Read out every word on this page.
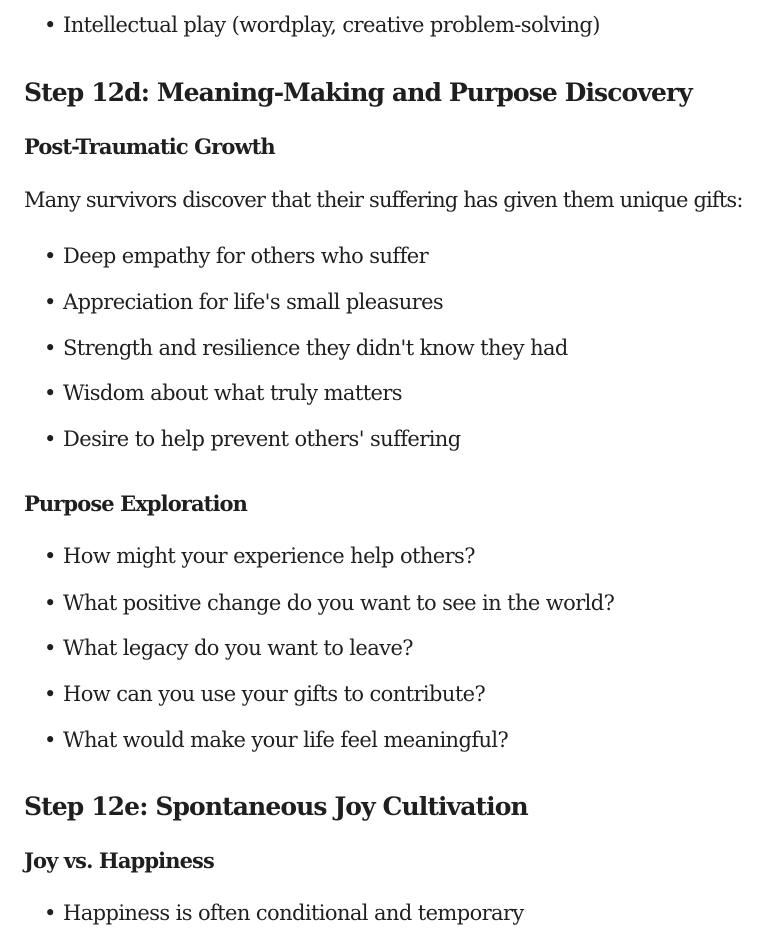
• Intellectual play (wordplay, creative problem-solving)
Step 12d: Meaning-Making and Purpose Discovery
Post-Traumatic Growth
Many survivors discover that their suffering has given them unique gifts:
• Deep empathy for others who suffer
• Appreciation for life's small pleasures
• Strength and resilience they didn't know they had
• Wisdom about what truly matters
• Desire to help prevent others' suffering
Purpose Exploration
• How might your experience help others?
• What positive change do you want to see in the world?
• What legacy do you want to leave?
• How can you use your gifts to contribute?
• What would make your life feel meaningful?
Step 12e: Spontaneous Joy Cultivation
Joy vs. Happiness
• Happiness is often conditional and temporary
